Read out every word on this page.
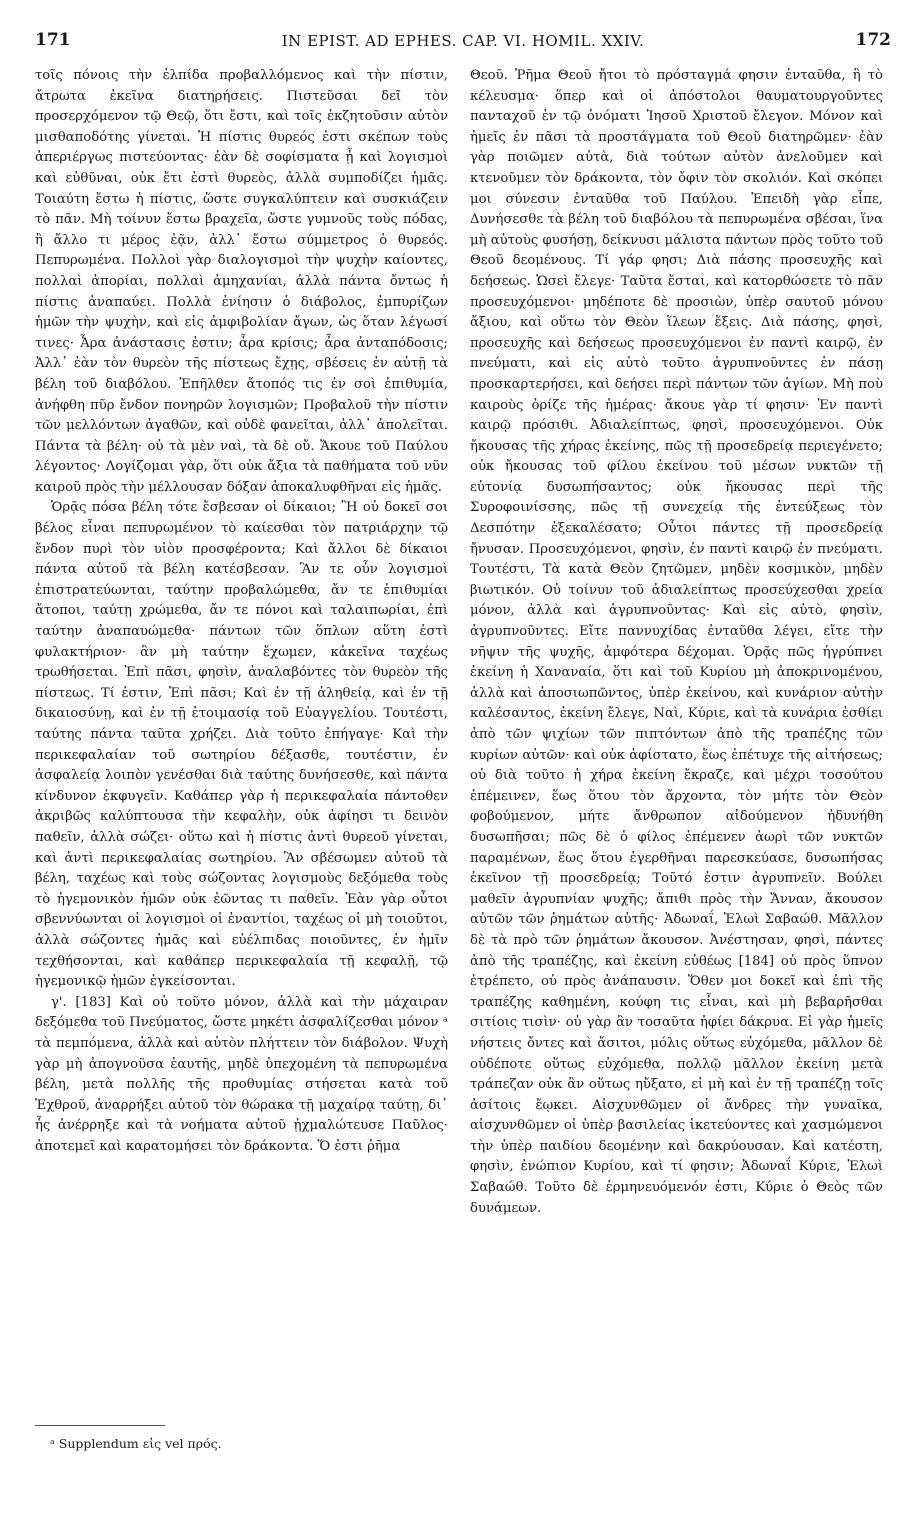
171	IN EPIST. AD EPHES. CAP. VI. HOMIL. XXIV.	172

τοῖς πόνοις τὴν ἐλπίδα προβαλλόμενος καὶ τὴν πίστιν, ἄτρωτα ἐκεῖνα διατηρήσεις. Πιστεῦσαι δεῖ τὸν προσερχόμενον τῷ Θεῷ, ὅτι ἔστι, καὶ τοῖς ἐκζητοῦσιν αὐτὸν μισθαποδότης γίνεται. Ἡ πίστις θυρεός ἐστι σκέπων τοὺς ἀπεριέργως πιστεύοντας· ἐὰν δὲ σοφίσματα ᾖ καὶ λογισμοὶ καὶ εὐθῦναι, οὐκ ἔτι ἐστὶ θυρεὸς, ἀλλὰ συμποδίζει ἡμᾶς. Τοιαύτη ἔστω ἡ πίστις, ὥστε συγκαλύπτειν καὶ συσκιάζειν τὸ πᾶν. Μὴ τοίνυν ἔστω βραχεῖα, ὥστε γυμνοῦς τοὺς πόδας, ἢ ἄλλο τι μέρος ἐᾷν, ἀλλ᾽ ἔστω σύμμετρος ὁ θυρεός. Πεπυρωμένα. Πολλοὶ γὰρ διαλογισμοὶ τὴν ψυχὴν καίοντες, πολλαὶ ἀπορίαι, πολλαὶ ἀμηχανίαι, ἀλλὰ πάντα ὄντως ἡ πίστις ἀναπαύει. Πολλὰ ἐνίησιν ὁ διάβολος, ἐμπυρίζων ἡμῶν τὴν ψυχὴν, καὶ εἰς ἀμφιβολίαν ἄγων, ὡς ὅταν λέγωσί τινες· Ἆρα ἀνάστασις ἐστιν; ἆρα κρίσις; ἆρα ἀνταπόδοσις; Ἀλλ᾽ ἐὰν τὸν θυρεὸν τῆς πίστεως ἔχῃς, σβέσεις ἐν αὐτῇ τὰ βέλη τοῦ διαβόλου. Ἐπῆλθεν ἄτοπός τις ἐν σοὶ ἐπιθυμία, ἀνήφθη πῦρ ἔνδον πονηρῶν λογισμῶν; Προβαλοῦ τὴν πίστιν τῶν μελλόντων ἀγαθῶν, καὶ οὐδὲ φανεῖται, ἀλλ᾽ ἀπολεῖται. Πάντα τὰ βέλη· οὐ τὰ μὲν ναὶ, τὰ δὲ οὔ. Ἄκουε τοῦ Παύλου λέγοντος· Λογίζομαι γὰρ, ὅτι οὐκ ἄξια τὰ παθήματα τοῦ νῦν καιροῦ πρὸς τὴν μέλλουσαν δόξαν ἀποκαλυφθῆναι εἰς ἡμᾶς.

Ὁρᾷς πόσα βέλη τότε ἔσβεσαν οἱ δίκαιοι; Ἢ οὐ δοκεῖ σοι βέλος εἶναι πεπυρωμένον τὸ καίεσθαι τὸν πατριάρχην τῷ ἔνδον πυρὶ τὸν υἱὸν προσφέροντα; Καὶ ἄλλοι δὲ δίκαιοι πάντα αὐτοῦ τὰ βέλη κατέσβεσαν. Ἂν τε οὖν λογισμοὶ ἐπιστρατεύωνται, ταύτην προβαλώμεθα, ἄν τε ἐπιθυμίαι ἄτοποι, ταύτῃ χρώμεθα, ἄν τε πόνοι καὶ ταλαιπωρίαι, ἐπὶ ταύτην ἀναπαυώμεθα· πάντων τῶν ὅπλων αὕτη ἐστὶ φυλακτήριον· ἂν μὴ ταύτην ἔχωμεν, κἀκεῖνα ταχέως τρωθήσεται. Ἐπὶ πᾶσι, φησὶν, ἀναλαβόντες τὸν θυρεὸν τῆς πίστεως. Τί ἐστιν, Ἐπὶ πᾶσι; Καὶ ἐν τῇ ἀληθείᾳ, καὶ ἐν τῇ δικαιοσύνῃ, καὶ ἐν τῇ ἑτοιμασίᾳ τοῦ Εὐαγγελίου. Τουτέστι, ταύτης πάντα ταῦτα χρήζει. Διὰ τοῦτο ἐπήγαγε· Καὶ τὴν περικεφαλαίαν τοῦ σωτηρίου δέξασθε, τουτέστιν, ἐν ἀσφαλείᾳ λοιπὸν γενέσθαι διὰ ταύτης δυνήσεσθε, καὶ πάντα κίνδυνον ἐκφυγεῖν. Καθάπερ γὰρ ἡ περικεφαλαία πάντοθεν ἀκριβῶς καλύπτουσα τὴν κεφαλὴν, οὐκ ἀφίησι τι δεινὸν παθεῖν, ἀλλὰ σώζει· οὕτω καὶ ἡ πίστις ἀντὶ θυρεοῦ γίνεται, καὶ ἀντὶ περικεφαλαίας σωτηρίου. Ἂν σβέσωμεν αὐτοῦ τὰ βέλη, ταχέως καὶ τοὺς σώζοντας λογισμοὺς δεξόμεθα τοὺς τὸ ἡγεμονικὸν ἡμῶν οὐκ ἐῶντας τι παθεῖν. Ἐὰν γὰρ οὗτοι σβεννύωνται οἱ λογισμοὶ οἱ ἐναντίοι, ταχέως οἱ μὴ τοιοῦτοι, ἀλλὰ σώζοντες ἡμᾶς καὶ εὐέλπιδας ποιοῦντες, ἐν ἡμῖν τεχθήσονται, καὶ καθάπερ περικεφαλαία τῇ κεφαλῇ, τῷ ἡγεμονικῷ ἡμῶν ἐγκείσονται.

γ'. [183] Καὶ οὐ τοῦτο μόνον, ἀλλὰ καὶ τὴν μάχαιραν δεξόμεθα τοῦ Πνεύματος, ὥστε μηκέτι ἀσφαλίζεσθαι μόνον ᵃ τὰ πεμπόμενα, ἀλλὰ καὶ αὐτὸν πλήττειν τὸν διάβολον. Ψυχὴ γὰρ μὴ ἀπογνοῦσα ἑαυτῆς, μηδὲ ὑπεχομένη τὰ πεπυρωμένα βέλη, μετὰ πολλῆς τῆς προθυμίας στήσεται κατὰ τοῦ Ἐχθροῦ, ἀναρρήξει αὐτοῦ τὸν θώρακα τῇ μαχαίρᾳ ταύτῃ, δι᾽ ἧς ἀνέρρηξε καὶ τὰ νοήματα αὐτοῦ ᾐχμαλώτευσε Παῦλος· ἀποτεμεῖ καὶ καρατομήσει τὸν δράκοντα. Ὅ ἐστι ῥῆμα

Θεοῦ. Ῥῆμα Θεοῦ ἤτοι τὸ πρόσταγμά φησιν ἐνταῦθα, ἢ τὸ κέλευσμα· ὅπερ καὶ οἱ ἀπόστολοι θαυματουργοῦντες πανταχοῦ ἐν τῷ ὀνόματι Ἰησοῦ Χριστοῦ ἔλεγον. Μόνον καὶ ἡμεῖς ἐν πᾶσι τὰ προστάγματα τοῦ Θεοῦ διατηρῶμεν· ἐὰν γὰρ ποιῶμεν αὐτὰ, διὰ τούτων αὐτὸν ἀνελοῦμεν καὶ κτενοῦμεν τὸν δράκοντα, τὸν ὄφιν τὸν σκολιόν. Καὶ σκόπει μοι σύνεσιν ἐνταῦθα τοῦ Παύλου. Ἐπειδὴ γὰρ εἶπε, Δυνήσεσθε τὰ βέλη τοῦ διαβόλου τὰ πεπυρωμένα σβέσαι, ἵνα μὴ αὐτοὺς φυσήσῃ, δείκνυσι μάλιστα πάντων πρὸς τοῦτο τοῦ Θεοῦ δεομένους. Τί γάρ φησι; Διὰ πάσης προσευχῆς καὶ δεήσεως. Ὡσεὶ ἔλεγε· Ταῦτα ἔσται, καὶ κατορθώσετε τὸ πᾶν προσευχόμενοι· μηδέποτε δὲ προσιὼν, ὑπὲρ σαυτοῦ μόνου ἄξιου, καὶ οὕτω τὸν Θεὸν ἵλεων ἕξεις. Διὰ πάσης, φησὶ, προσευχῆς καὶ δεήσεως προσευχόμενοι ἐν παντὶ καιρῷ, ἐν πνεύματι, καὶ εἰς αὐτὸ τοῦτο ἀγρυπνοῦντες ἐν πάσῃ προσκαρτερήσει, καὶ δεήσει περὶ πάντων τῶν ἁγίων. Μὴ ποὺ καιροὺς ὁρίζε τῆς ἡμέρας· ἄκουε γὰρ τί φησιν· Ἐν παντὶ καιρῷ πρόσιθι. Ἀδιαλείπτως, φησὶ, προσευχόμενοι. Οὐκ ἤκουσας τῆς χήρας ἐκείνης, πῶς τῇ προσεδρείᾳ περιεγένετο; οὐκ ἤκουσας τοῦ φίλου ἐκείνου τοῦ μέσων νυκτῶν τῇ εὐτονίᾳ δυσωπήσαντος; οὐκ ἤκουσας περὶ τῆς Συροφοινίσσης, πῶς τῇ συνεχείᾳ τῆς ἐντεύξεως τὸν Δεσπότην ἐξεκαλέσατο; Οὗτοι πάντες τῇ προσεδρείᾳ ἤνυσαν. Προσευχόμενοι, φησὶν, ἐν παντὶ καιρῷ ἐν πνεύματι. Τουτέστι, Τὰ κατὰ Θεὸν ζητῶμεν, μηδὲν κοσμικὸν, μηδὲν βιωτικόν. Οὐ τοίνυν τοῦ ἀδιαλείπτως προσεύχεσθαι χρεία μόνον, ἀλλὰ καὶ ἀγρυπνοῦντας· Καὶ εἰς αὐτὸ, φησὶν, ἀγρυπνοῦντες. Εἴτε παννυχίδας ἐνταῦθα λέγει, εἴτε τὴν νῆψιν τῆς ψυχῆς, ἀμφότερα δέχομαι. Ὁρᾷς πῶς ἠγρύπνει ἐκείνη ἡ Χαναναία, ὅτι καὶ τοῦ Κυρίου μὴ ἀποκρινομένου, ἀλλὰ καὶ ἀποσιωπῶντος, ὑπὲρ ἐκείνου, καὶ κυνάριον αὐτὴν καλέσαντος, ἐκείνη ἔλεγε, Ναὶ, Κύριε, καὶ τὰ κυνάρια ἐσθίει ἀπὸ τῶν ψιχίων τῶν πιπτόντων ἀπὸ τῆς τραπέζης τῶν κυρίων αὐτῶν· καὶ οὐκ ἀφίστατο, ἕως ἐπέτυχε τῆς αἰτήσεως; οὐ διὰ τοῦτο ἡ χήρα ἐκείνη ἔκραζε, καὶ μέχρι τοσούτου ἐπέμεινεν, ἕως ὅτου τὸν ἄρχοντα, τὸν μήτε τὸν Θεὸν φοβούμενον, μήτε ἄνθρωπον αἰδούμενον ἠδυνήθη δυσωπῆσαι; πῶς δὲ ὁ φίλος ἐπέμενεν ἀωρὶ τῶν νυκτῶν παραμένων, ἕως ὅτου ἐγερθῆναι παρεσκεύασε, δυσωπήσας ἐκεῖνον τῇ προσεδρείᾳ; Τοῦτό ἐστιν ἀγρυπνεῖν. Βούλει μαθεῖν ἀγρυπνίαν ψυχῆς; ἄπιθι πρὸς τὴν Ἄνναν, ἄκουσον αὐτῶν τῶν ῥημάτων αὐτῆς· Ἀδωναΐ, Ἐλωὶ Σαβαώθ. Μᾶλλον δὲ τὰ πρὸ τῶν ῥημάτων ἄκουσον. Ἀνέστησαν, φησὶ, πάντες ἀπὸ τῆς τραπέζης, καὶ ἐκείνη εὐθέως [184] οὐ πρὸς ὕπνον ἐτρέπετο, οὐ πρὸς ἀνάπαυσιν. Ὅθεν μοι δοκεῖ καὶ ἐπὶ τῆς τραπέζης καθημένη, κούφη τις εἶναι, καὶ μὴ βεβαρῆσθαι σιτίοις τισὶν· οὐ γὰρ ἂν τοσαῦτα ἠφίει δάκρυα. Εἰ γὰρ ἡμεῖς νήστεις ὄντες καὶ ἄσιτοι, μόλις οὕτως εὐχόμεθα, μᾶλλον δὲ οὐδέποτε οὕτως εὐχόμεθα, πολλῷ μᾶλλον ἐκείνη μετὰ τράπεζαν οὐκ ἂν οὕτως ηὔξατο, εἰ μὴ καὶ ἐν τῇ τραπέζῃ τοῖς ἀσίτοις ἔῳκει. Αἰσχυνθῶμεν οἱ ἄνδρες τὴν γυναῖκα, αἰσχυνθῶμεν οἱ ὑπὲρ βασιλείας ἱκετεύοντες καὶ χασμώμενοι τὴν ὑπὲρ παιδίου δεομένην καὶ δακρύουσαν. Καὶ κατέστη, φησὶν, ἐνώπιον Κυρίου, καὶ τί φησιν; Ἀδωναΐ Κύριε, Ἐλωὶ Σαβαώθ. Τοῦτο δὲ ἑρμηνευόμενόν ἐστι, Κύριε ὁ Θεὸς τῶν δυνάμεων.

ᵃ Supplendum εἰς vel πρός.
